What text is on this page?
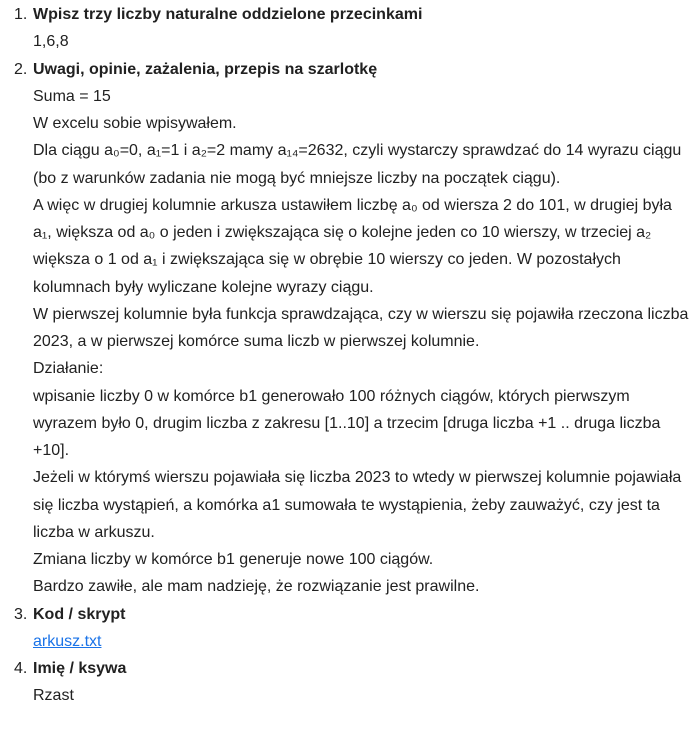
1. Wpisz trzy liczby naturalne oddzielone przecinkami
1,6,8
2. Uwagi, opinie, zażalenia, przepis na szarlotkę
Suma = 15
W excelu sobie wpisywałem.
Dla ciągu a₀=0, a₁=1 i a₂=2 mamy a₁₄=2632, czyli wystarczy sprawdzać do 14 wyrazu ciągu (bo z warunków zadania nie mogą być mniejsze liczby na początek ciągu).
A więc w drugiej kolumnie arkusza ustawiłem liczbę a₀ od wiersza 2 do 101, w drugiej była a₁, większa od a₀ o jeden i zwiększająca się o kolejne jeden co 10 wierszy, w trzeciej a₂ większa o 1 od a₁ i zwiększająca się w obrębie 10 wierszy co jeden. W pozostałych kolumnach były wyliczane kolejne wyrazy ciągu.
W pierwszej kolumnie była funkcja sprawdzająca, czy w wierszu się pojawiła rzeczona liczba 2023, a w pierwszej komórce suma liczb w pierwszej kolumnie.
Działanie:
wpisanie liczby 0 w komórce b1 generowało 100 różnych ciągów, których pierwszym wyrazem było 0, drugim liczba z zakresu [1..10] a trzecim [druga liczba +1 .. druga liczba +10].
Jeżeli w którymś wierszu pojawiała się liczba 2023 to wtedy w pierwszej kolumnie pojawiała się liczba wystąpień, a komórka a1 sumowała te wystąpienia, żeby zauważyć, czy jest ta liczba w arkuszu.
Zmiana liczby w komórce b1 generuje nowe 100 ciągów.
Bardzo zawiłe, ale mam nadzieję, że rozwiązanie jest prawilne.
3. Kod / skrypt
arkusz.txt
4. Imię / ksywa
Rzast
